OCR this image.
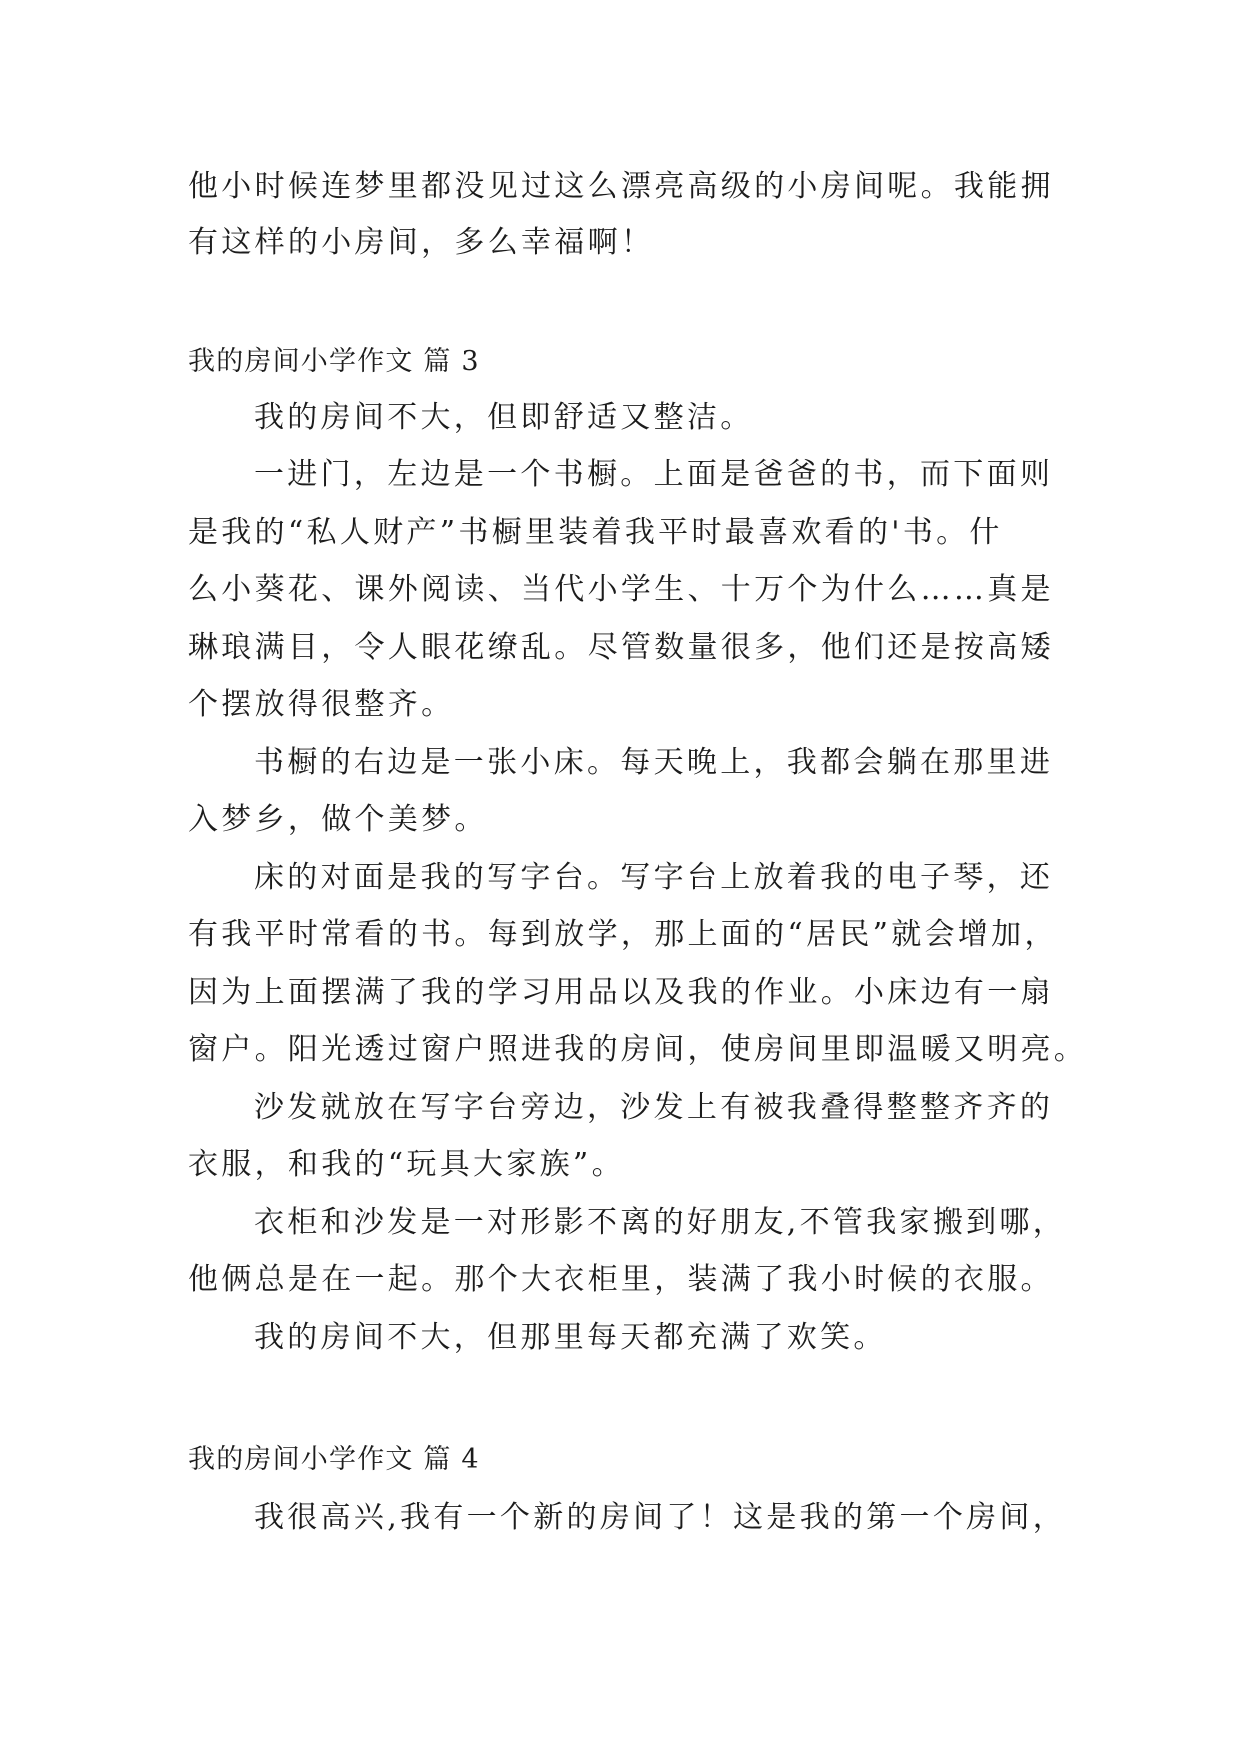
他小时候连梦里都没见过这么漂亮高级的小房间呢。我能拥
有这样的小房间，多么幸福啊！
我的房间小学作文 篇 3
我的房间不大，但即舒适又整洁。
一进门，左边是一个书橱。上面是爸爸的书，而下面则
是我的“私人财产”书橱里装着我平时最喜欢看的'书。什
么小葵花、课外阅读、当代小学生、十万个为什么……真是
琳琅满目，令人眼花缭乱。尽管数量很多，他们还是按高矮
个摆放得很整齐。
书橱的右边是一张小床。每天晚上，我都会躺在那里进
入梦乡，做个美梦。
床的对面是我的写字台。写字台上放着我的电子琴，还
有我平时常看的书。每到放学，那上面的“居民”就会增加，
因为上面摆满了我的学习用品以及我的作业。小床边有一扇
窗户。阳光透过窗户照进我的房间，使房间里即温暖又明亮。
沙发就放在写字台旁边，沙发上有被我叠得整整齐齐的
衣服，和我的“玩具大家族”。
衣柜和沙发是一对形影不离的好朋友,不管我家搬到哪，
他俩总是在一起。那个大衣柜里，装满了我小时候的衣服。
我的房间不大，但那里每天都充满了欢笑。
我的房间小学作文 篇 4
我很高兴,我有一个新的房间了！这是我的第一个房间，
